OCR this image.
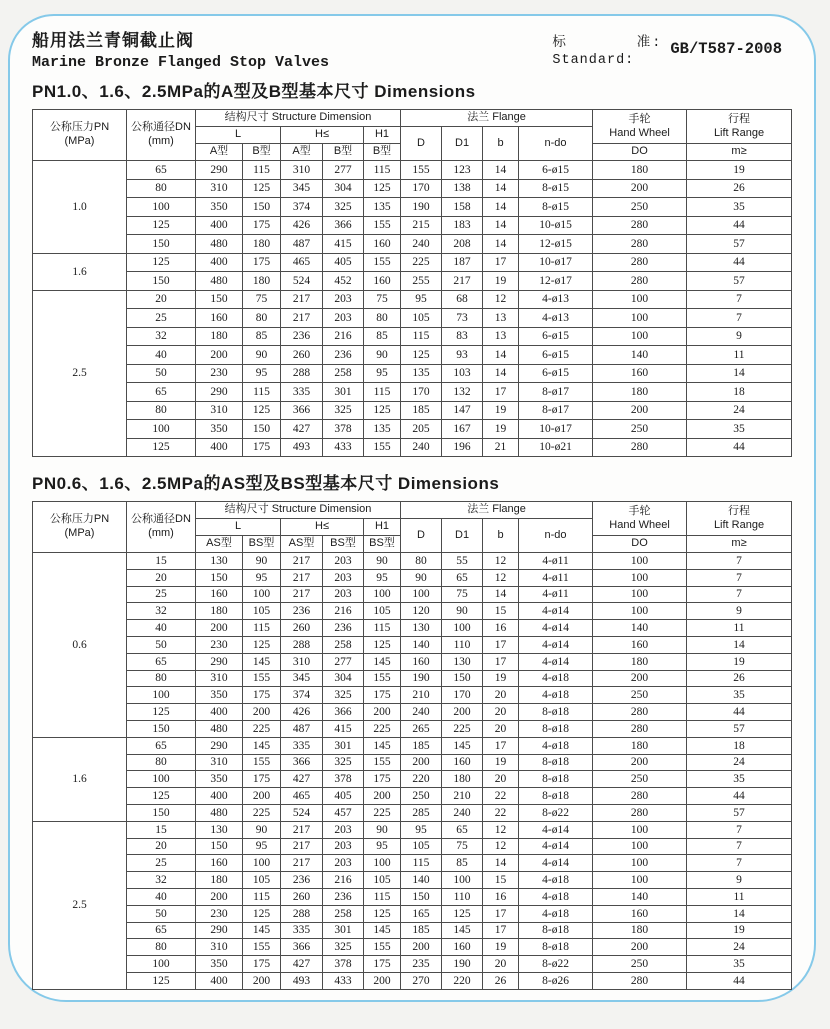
船用法兰青铜截止阀
Marine Bronze Flanged Stop Valves
标	准:
Standard:
GB/T587-2008
PN1.0、1.6、2.5MPa的A型及B型基本尺寸 Dimensions
公称压力PN
(MPa)

公称通径DN
(mm)
	结构尺寸 Structure Dimension	法兰 Flange	手轮
Hand Wheel

行程
Lift Range

		L		H≤		H1	D	D1	b	n-do		
		A型	B型	A型	B型	B型					DO	m≥
1.0	65	290	115	310	277	115	155	123	14	6-ø15	180	19
	80	310	125	345	304	125	170	138	14	8-ø15	200	26
	100	350	150	374	325	135	190	158	14	8-ø15	250	35
	125	400	175	426	366	155	215	183	14	10-ø15	280	44
	150	480	180	487	415	160	240	208	14	12-ø15	280	57
1.6	125	400	175	465	405	155	225	187	17	10-ø17	280	44
	150	480	180	524	452	160	255	217	19	12-ø17	280	57
2.5	20	150	75	217	203	75	95	68	12	4-ø13	100	7
	25	160	80	217	203	80	105	73	13	4-ø13	100	7
	32	180	85	236	216	85	115	83	13	6-ø15	100	9
	40	200	90	260	236	90	125	93	14	6-ø15	140	11
	50	230	95	288	258	95	135	103	14	6-ø15	160	14
	65	290	115	335	301	115	170	132	17	8-ø17	180	18
	80	310	125	366	325	125	185	147	19	8-ø17	200	24
	100	350	150	427	378	135	205	167	19	10-ø17	250	35
	125	400	175	493	433	155	240	196	21	10-ø21	280	44
PN0.6、1.6、2.5MPa的AS型及BS型基本尺寸 Dimensions
公称压力PN
(MPa)

公称通径DN
(mm)
	结构尺寸 Structure Dimension	法兰 Flange	手轮
Hand Wheel

行程
Lift Range

		L		H≤		H1	D	D1	b	n-do		
		AS型	BS型	AS型	BS型	BS型					DO	m≥
0.6	15	130	90	217	203	90	80	55	12	4-ø11	100	7
	20	150	95	217	203	95	90	65	12	4-ø11	100	7
	25	160	100	217	203	100	100	75	14	4-ø11	100	7
	32	180	105	236	216	105	120	90	15	4-ø14	100	9
	40	200	115	260	236	115	130	100	16	4-ø14	140	11
	50	230	125	288	258	125	140	110	17	4-ø14	160	14
	65	290	145	310	277	145	160	130	17	4-ø14	180	19
	80	310	155	345	304	155	190	150	19	4-ø18	200	26
	100	350	175	374	325	175	210	170	20	4-ø18	250	35
	125	400	200	426	366	200	240	200	20	8-ø18	280	44
	150	480	225	487	415	225	265	225	20	8-ø18	280	57
1.6	65	290	145	335	301	145	185	145	17	4-ø18	180	18
	80	310	155	366	325	155	200	160	19	8-ø18	200	24
	100	350	175	427	378	175	220	180	20	8-ø18	250	35
	125	400	200	465	405	200	250	210	22	8-ø18	280	44
	150	480	225	524	457	225	285	240	22	8-ø22	280	57
2.5	15	130	90	217	203	90	95	65	12	4-ø14	100	7
	20	150	95	217	203	95	105	75	12	4-ø14	100	7
	25	160	100	217	203	100	115	85	14	4-ø14	100	7
	32	180	105	236	216	105	140	100	15	4-ø18	100	9
	40	200	115	260	236	115	150	110	16	4-ø18	140	11
	50	230	125	288	258	125	165	125	17	4-ø18	160	14
	65	290	145	335	301	145	185	145	17	8-ø18	180	19
	80	310	155	366	325	155	200	160	19	8-ø18	200	24
	100	350	175	427	378	175	235	190	20	8-ø22	250	35
	125	400	200	493	433	200	270	220	26	8-ø26	280	44
